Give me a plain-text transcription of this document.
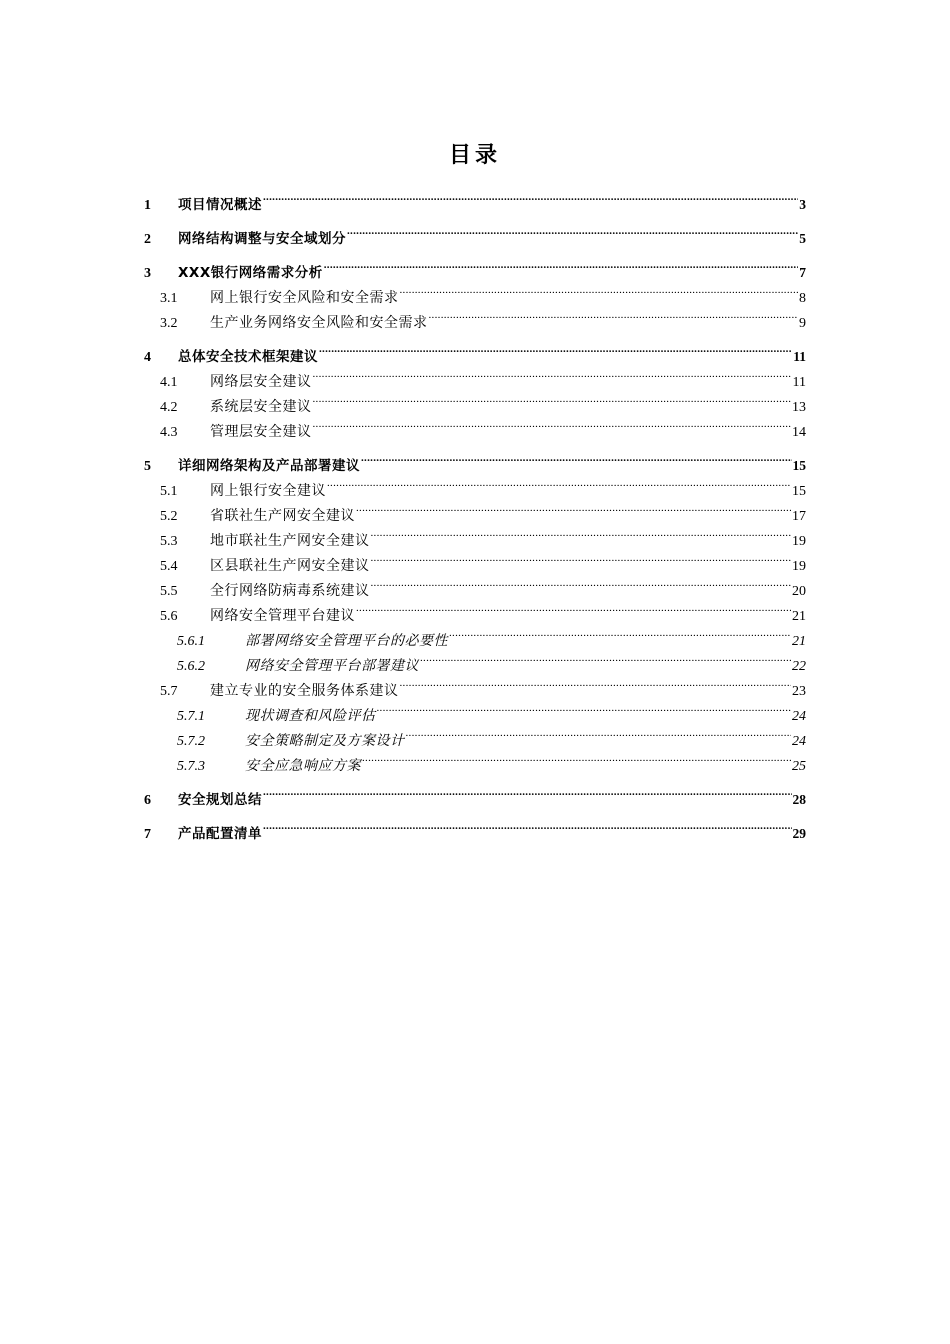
目录
1	项目情况概述 .....	3
2	网络结构调整与安全域划分 .....	5
3	XXX银行网络需求分析 .....	7
3.1	网上银行安全风险和安全需求 .....	8
3.2	生产业务网络安全风险和安全需求 .....	9
4	总体安全技术框架建议 .....	11
4.1	网络层安全建议 .....	11
4.2	系统层安全建议 .....	13
4.3	管理层安全建议 .....	14
5	详细网络架构及产品部署建议 .....	15
5.1	网上银行安全建议 .....	15
5.2	省联社生产网安全建议 .....	17
5.3	地市联社生产网安全建议 .....	19
5.4	区县联社生产网安全建议 .....	19
5.5	全行网络防病毒系统建议 .....	20
5.6	网络安全管理平台建议 .....	21
5.6.1	部署网络安全管理平台的必要性 .....	21
5.6.2	网络安全管理平台部署建议 .....	22
5.7	建立专业的安全服务体系建议 .....	23
5.7.1	现状调查和风险评估 .....	24
5.7.2	安全策略制定及方案设计 .....	24
5.7.3	安全应急响应方案 .....	25
6	安全规划总结 .....	28
7	产品配置清单 .....	29
